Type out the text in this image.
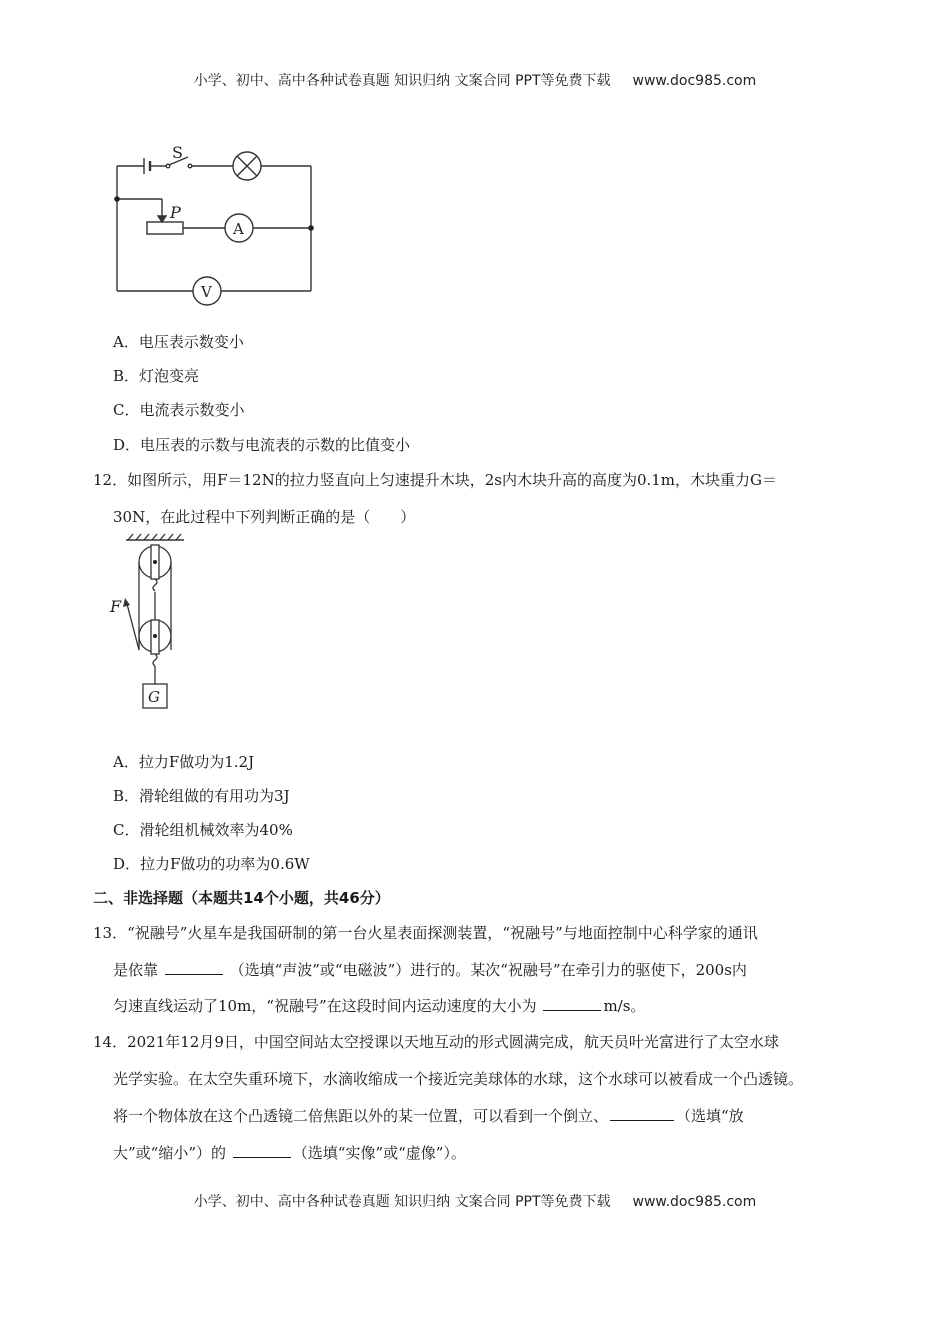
小学、初中、高中各种试卷真题 知识归纳 文案合同 PPT等免费下载 www.doc985.com
S
P
A
V
A．电压表示数变小
B．灯泡变亮
C．电流表示数变小
D．电压表的示数与电流表的示数的比值变小
12．如图所示，用F＝12N的拉力竖直向上匀速提升木块，2s内木块升高的高度为0.1m，木块重力G＝
30N，在此过程中下列判断正确的是（　　）
F
G
A．拉力F做功为1.2J
B．滑轮组做的有用功为3J
C．滑轮组机械效率为40%
D．拉力F做功的功率为0.6W
二、非选择题（本题共14个小题，共46分）
13．“祝融号”火星车是我国研制的第一台火星表面探测装置，“祝融号”与地面控制中心科学家的通讯
是依靠	（选填“声波”或“电磁波”）进行的。某次“祝融号”在牵引力的驱使下，200s内
匀速直线运动了10m，“祝融号”在这段时间内运动速度的大小为	m/s。
14．2021年12月9日，中国空间站太空授课以天地互动的形式圆满完成，航天员叶光富进行了太空水球
光学实验。在太空失重环境下，水滴收缩成一个接近完美球体的水球，这个水球可以被看成一个凸透镜。
将一个物体放在这个凸透镜二倍焦距以外的某一位置，可以看到一个倒立、	（选填“放
大”或“缩小”）的	（选填“实像”或“虚像”）。
小学、初中、高中各种试卷真题 知识归纳 文案合同 PPT等免费下载 www.doc985.com
